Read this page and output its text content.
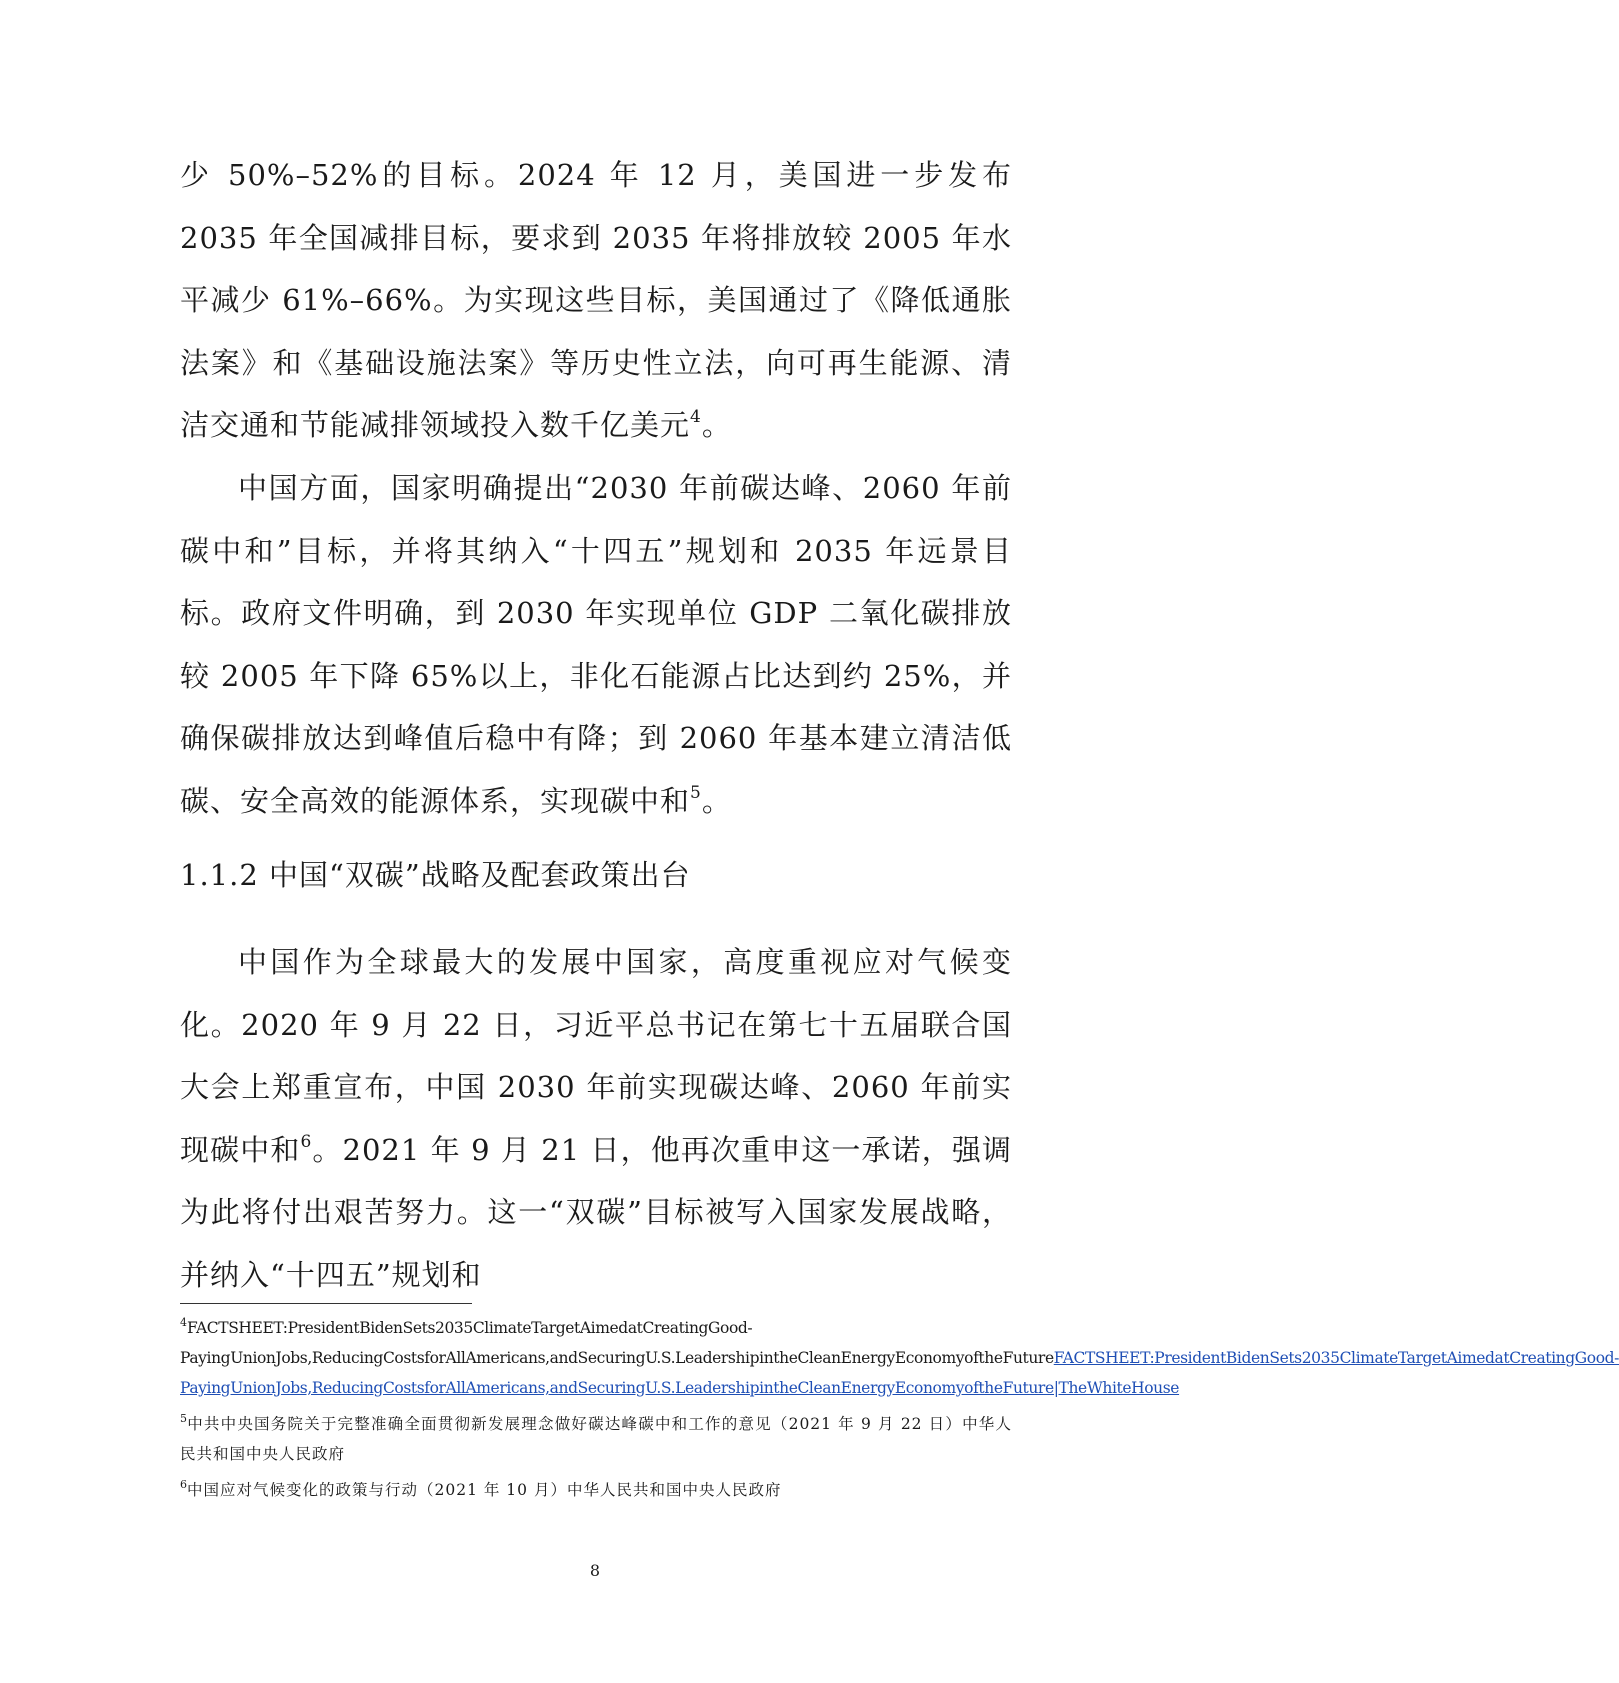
少 50%–52%的目标。2024 年 12 月，美国进一步发布 2035 年全国减排目标，要求到 2035 年将排放较 2005 年水平减少 61%–66%。为实现这些目标，美国通过了《降低通胀法案》和《基础设施法案》等历史性立法，向可再生能源、清洁交通和节能减排领域投入数千亿美元$^4$。

中国方面，国家明确提出“2030 年前碳达峰、2060 年前碳中和”目标，并将其纳入“十四五”规划和 2035 年远景目标。政府文件明确，到 2030 年实现单位 GDP 二氧化碳排放较 2005 年下降 65%以上，非化石能源占比达到约 25%，并确保碳排放达到峰值后稳中有降；到 2060 年基本建立清洁低碳、安全高效的能源体系，实现碳中和$^5$。

1.1.2 中国“双碳”战略及配套政策出台

中国作为全球最大的发展中国家，高度重视应对气候变化。2020 年 9 月 22 日，习近平总书记在第七十五届联合国大会上郑重宣布，中国 2030 年前实现碳达峰、2060 年前实现碳中和$^6$。2021 年 9 月 21 日，他再次重申这一承诺，强调为此将付出艰苦努力。这一“双碳”目标被写入国家发展战略，并纳入“十四五”规划和

$^4$FACTSHEET:PresidentBidenSets2035ClimateTargetAimedatCreatingGood-PayingUnionJobs,ReducingCostsforAllAmericans,andSecuringU.S.LeadershipintheCleanEnergyEconomyoftheFutureFACTSHEET:PresidentBidenSets2035ClimateTargetAimedatCreatingGood-PayingUnionJobs,ReducingCostsforAllAmericans,andSecuringU.S.LeadershipintheCleanEnergyEconomyoftheFuture|TheWhiteHouse
$^5$中共中央国务院关于完整准确全面贯彻新发展理念做好碳达峰碳中和工作的意见（2021 年 9 月 22 日）中华人民共和国中央人民政府
$^6$中国应对气候变化的政策与行动（2021 年 10 月）中华人民共和国中央人民政府
8
